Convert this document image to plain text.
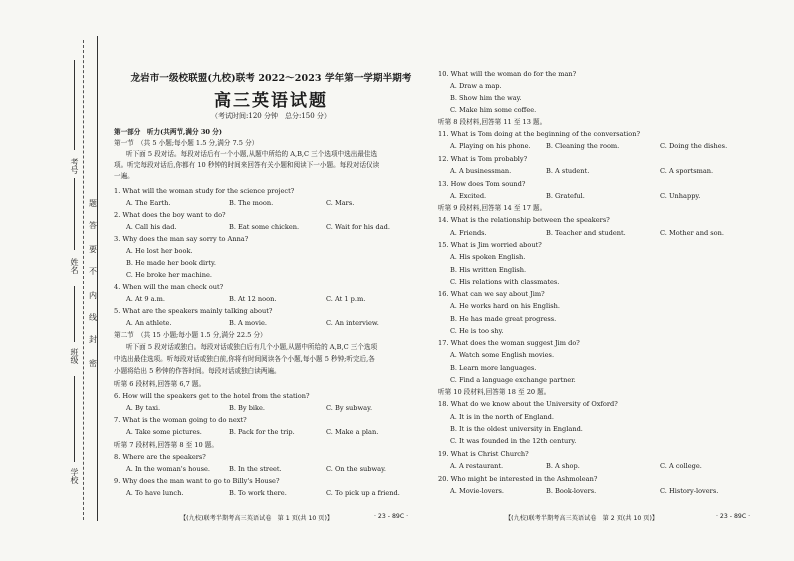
考号
姓名
班级
学校
题
答
要
不
内
线
封
密
龙岩市一级校联盟(九校)联考 2022～2023 学年第一学期半期考
高三英语试题
（考试时间:120 分钟　总分:150 分）
第一部分　听力(共两节,满分 30 分)
第一节　（共 5 小题;每小题 1.5 分,满分 7.5 分）
听下面 5 段对话。每段对话后有一个小题,从题中所给的 A,B,C 三个选项中选出最佳选
项。听完每段对话后,你都有 10 秒钟的时间来回答有关小题和阅读下一小题。每段对话仅读
一遍。
1. What will the woman study for the science project?
A. The Earth.	B. The moon.	C. Mars.
2. What does the boy want to do?
A. Call his dad.	B. Eat some chicken.	C. Wait for his dad.
3. Why does the man say sorry to Anna?
A. He lost her book.
B. He made her book dirty.
C. He broke her machine.
4. When will the man check out?
A. At 9 a.m.	B. At 12 noon.	C. At 1 p.m.
5. What are the speakers mainly talking about?
A. An athlete.	B. A movie.	C. An interview.
第二节　（共 15 小题;每小题 1.5 分,满分 22.5 分）
听下面 5 段对话或独白。每段对话或独白后有几个小题,从题中所给的 A,B,C 三个选项
中选出最佳选项。听每段对话或独白前,你将有时间阅读各个小题,每小题 5 秒钟;听完后,各
小题将给出 5 秒钟的作答时间。每段对话或独白读两遍。
听第 6 段材料,回答第 6,7 题。
6. How will the speakers get to the hotel from the station?
A. By taxi.	B. By bike.	C. By subway.
7. What is the woman going to do next?
A. Take some pictures.	B. Pack for the trip.	C. Make a plan.
听第 7 段材料,回答第 8 至 10 题。
8. Where are the speakers?
A. In the woman's house.	B. In the street.	C. On the subway.
9. Why does the man want to go to Billy's House?
A. To have lunch.	B. To work there.	C. To pick up a friend.
10. What will the woman do for the man?
A. Draw a map.
B. Show him the way.
C. Make him some coffee.
听第 8 段材料,回答第 11 至 13 题。
11. What is Tom doing at the beginning of the conversation?
A. Playing on his phone. B. Cleaning the room.	C. Doing the dishes.
12. What is Tom probably?
A. A businessman.	B. A student.	C. A sportsman.
13. How does Tom sound?
A. Excited.	B. Grateful.	C. Unhappy.
听第 9 段材料,回答第 14 至 17 题。
14. What is the relationship between the speakers?
A. Friends.	B. Teacher and student.	C. Mother and son.
15. What is Jim worried about?
A. His spoken English.
B. His written English.
C. His relations with classmates.
16. What can we say about Jim?
A. He works hard on his English.
B. He has made great progress.
C. He is too shy.
17. What does the woman suggest Jim do?
A. Watch some English movies.
B. Learn more languages.
C. Find a language exchange partner.
听第 10 段材料,回答第 18 至 20 题。
18. What do we know about the University of Oxford?
A. It is in the north of England.
B. It is the oldest university in England.
C. It was founded in the 12th century.
19. What is Christ Church?
A. A restaurant.	B. A shop.	C. A college.
20. Who might be interested in the Ashmolean?
A. Movie-lovers.	B. Book-lovers.	C. History-lovers.
【(九校)联考半期考高三英语试卷　第 1 页(共 10 页)】	· 23 - 89C ·	【(九校)联考半期考高三英语试卷　第 2 页(共 10 页)】	· 23 - 89C ·
